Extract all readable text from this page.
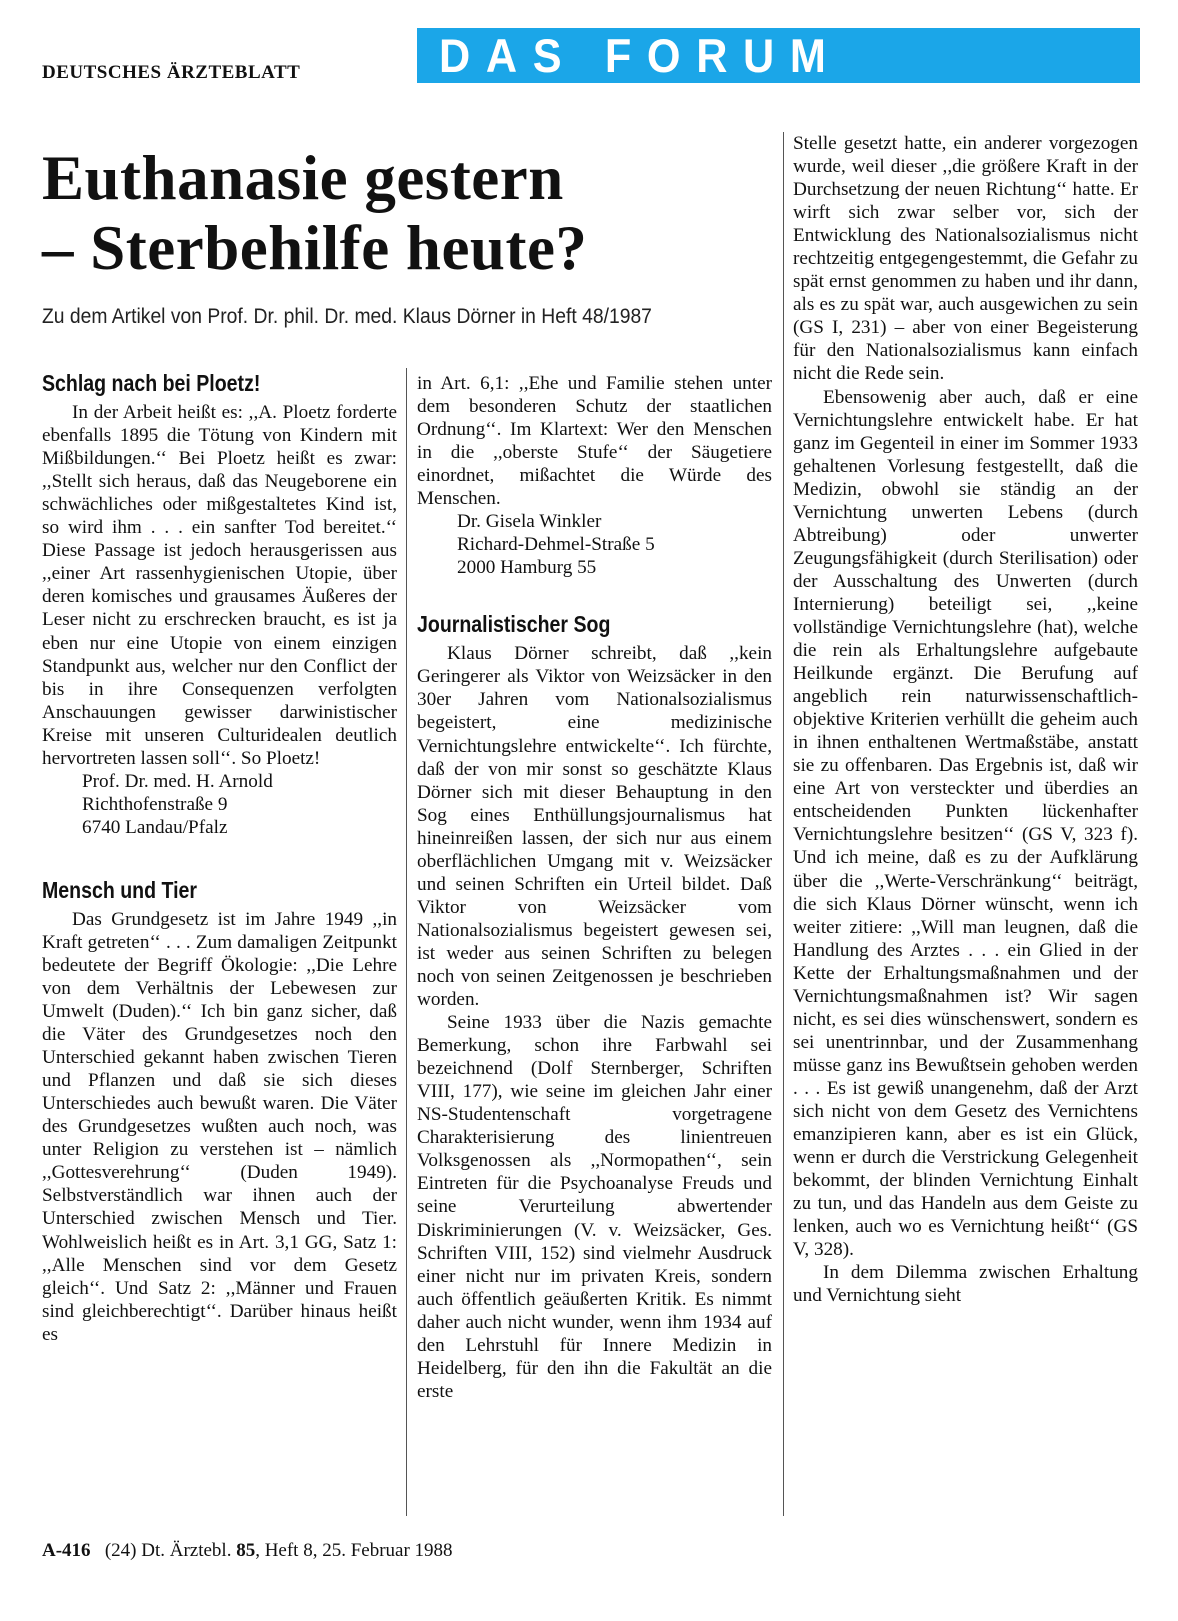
DEUTSCHES ÄRZTEBLATT	DAS FORUM
Euthanasie gestern
– Sterbehilfe heute?

Zu dem Artikel von Prof. Dr. phil. Dr. med. Klaus Dörner in Heft 48/1987

Schlag nach bei Ploetz!

In der Arbeit heißt es: ,,A. Ploetz forderte ebenfalls 1895 die Tötung von Kindern mit Mißbildungen.‘‘ Bei Ploetz heißt es zwar: ,,Stellt sich heraus, daß das Neugeborene ein schwächliches oder mißgestaltetes Kind ist, so wird ihm . . . ein sanfter Tod bereitet.‘‘ Diese Passage ist jedoch herausgerissen aus ,,einer Art rassenhygienischen Utopie, über deren komisches und grausames Äußeres der Leser nicht zu erschrecken braucht, es ist ja eben nur eine Utopie von einem einzigen Standpunkt aus, welcher nur den Conflict der bis in ihre Consequenzen verfolgten Anschauungen gewisser darwinistischer Kreise mit unseren Culturidealen deutlich hervortreten lassen soll‘‘. So Ploetz!

Prof. Dr. med. H. Arnold
Richthofenstraße 9
6740 Landau/Pfalz
Mensch und Tier

Das Grundgesetz ist im Jahre 1949 ,,in Kraft getreten‘‘ . . . Zum damaligen Zeitpunkt bedeutete der Begriff Ökologie: ,,Die Lehre von dem Verhältnis der Lebewesen zur Umwelt (Duden).‘‘ Ich bin ganz sicher, daß die Väter des Grundgesetzes noch den Unterschied gekannt haben zwischen Tieren und Pflanzen und daß sie sich dieses Unterschiedes auch bewußt waren. Die Väter des Grundgesetzes wußten auch noch, was unter Religion zu verstehen ist – nämlich ,,Gottesverehrung‘‘ (Duden 1949). Selbstverständlich war ihnen auch der Unterschied zwischen Mensch und Tier. Wohlweislich heißt es in Art. 3,1 GG, Satz 1: ,,Alle Menschen sind vor dem Gesetz gleich‘‘. Und Satz 2: ,,Männer und Frauen sind gleichberechtigt‘‘. Darüber hinaus heißt es

in Art. 6,1: ,,Ehe und Familie stehen unter dem besonderen Schutz der staatlichen Ordnung‘‘. Im Klartext: Wer den Menschen in die ,,oberste Stufe‘‘ der Säugetiere einordnet, mißachtet die Würde des Menschen.

Dr. Gisela Winkler
Richard-Dehmel-Straße 5
2000 Hamburg 55
Journalistischer Sog

Klaus Dörner schreibt, daß ,,kein Geringerer als Viktor von Weizsäcker in den 30er Jahren vom Nationalsozialismus begeistert, eine medizinische Vernichtungslehre entwickelte‘‘. Ich fürchte, daß der von mir sonst so geschätzte Klaus Dörner sich mit dieser Behauptung in den Sog eines Enthüllungsjournalismus hat hineinreißen lassen, der sich nur aus einem oberflächlichen Umgang mit v. Weizsäcker und seinen Schriften ein Urteil bildet. Daß Viktor von Weizsäcker vom Nationalsozialismus begeistert gewesen sei, ist weder aus seinen Schriften zu belegen noch von seinen Zeitgenossen je beschrieben worden.

Seine 1933 über die Nazis gemachte Bemerkung, schon ihre Farbwahl sei bezeichnend (Dolf Sternberger, Schriften VIII, 177), wie seine im gleichen Jahr einer NS-Studentenschaft vorgetragene Charakterisierung des linientreuen Volksgenossen als ,,Normopathen‘‘, sein Eintreten für die Psychoanalyse Freuds und seine Verurteilung abwertender Diskriminierungen (V. v. Weizsäcker, Ges. Schriften VIII, 152) sind vielmehr Ausdruck einer nicht nur im privaten Kreis, sondern auch öffentlich geäußerten Kritik. Es nimmt daher auch nicht wunder, wenn ihm 1934 auf den Lehrstuhl für Innere Medizin in Heidelberg, für den ihn die Fakultät an die erste

Stelle gesetzt hatte, ein anderer vorgezogen wurde, weil dieser ,,die größere Kraft in der Durchsetzung der neuen Richtung‘‘ hatte. Er wirft sich zwar selber vor, sich der Entwicklung des Nationalsozialismus nicht rechtzeitig entgegengestemmt, die Gefahr zu spät ernst genommen zu haben und ihr dann, als es zu spät war, auch ausgewichen zu sein (GS I, 231) – aber von einer Begeisterung für den Nationalsozialismus kann einfach nicht die Rede sein.

Ebensowenig aber auch, daß er eine Vernichtungslehre entwickelt habe. Er hat ganz im Gegenteil in einer im Sommer 1933 gehaltenen Vorlesung festgestellt, daß die Medizin, obwohl sie ständig an der Vernichtung unwerten Lebens (durch Abtreibung) oder unwerter Zeugungsfähigkeit (durch Sterilisation) oder der Ausschaltung des Unwerten (durch Internierung) beteiligt sei, ,,keine vollständige Vernichtungslehre (hat), welche die rein als Erhaltungslehre aufgebaute Heilkunde ergänzt. Die Berufung auf angeblich rein naturwissenschaftlich-objektive Kriterien verhüllt die geheim auch in ihnen enthaltenen Wertmaßstäbe, anstatt sie zu offenbaren. Das Ergebnis ist, daß wir eine Art von versteckter und überdies an entscheidenden Punkten lückenhafter Vernichtungslehre besitzen‘‘ (GS V, 323 f). Und ich meine, daß es zu der Aufklärung über die ,,Werte-Verschränkung‘‘ beiträgt, die sich Klaus Dörner wünscht, wenn ich weiter zitiere: ,,Will man leugnen, daß die Handlung des Arztes . . . ein Glied in der Kette der Erhaltungsmaßnahmen und der Vernichtungsmaßnahmen ist? Wir sagen nicht, es sei dies wünschenswert, sondern es sei unentrinnbar, und der Zusammenhang müsse ganz ins Bewußtsein gehoben werden . . . Es ist gewiß unangenehm, daß der Arzt sich nicht von dem Gesetz des Vernichtens emanzipieren kann, aber es ist ein Glück, wenn er durch die Verstrickung Gelegenheit bekommt, der blinden Vernichtung Einhalt zu tun, und das Handeln aus dem Geiste zu lenken, auch wo es Vernichtung heißt‘‘ (GS V, 328).

In dem Dilemma zwischen Erhaltung und Vernichtung sieht

A-416 (24) Dt. Ärztebl. 85, Heft 8, 25. Februar 1988
